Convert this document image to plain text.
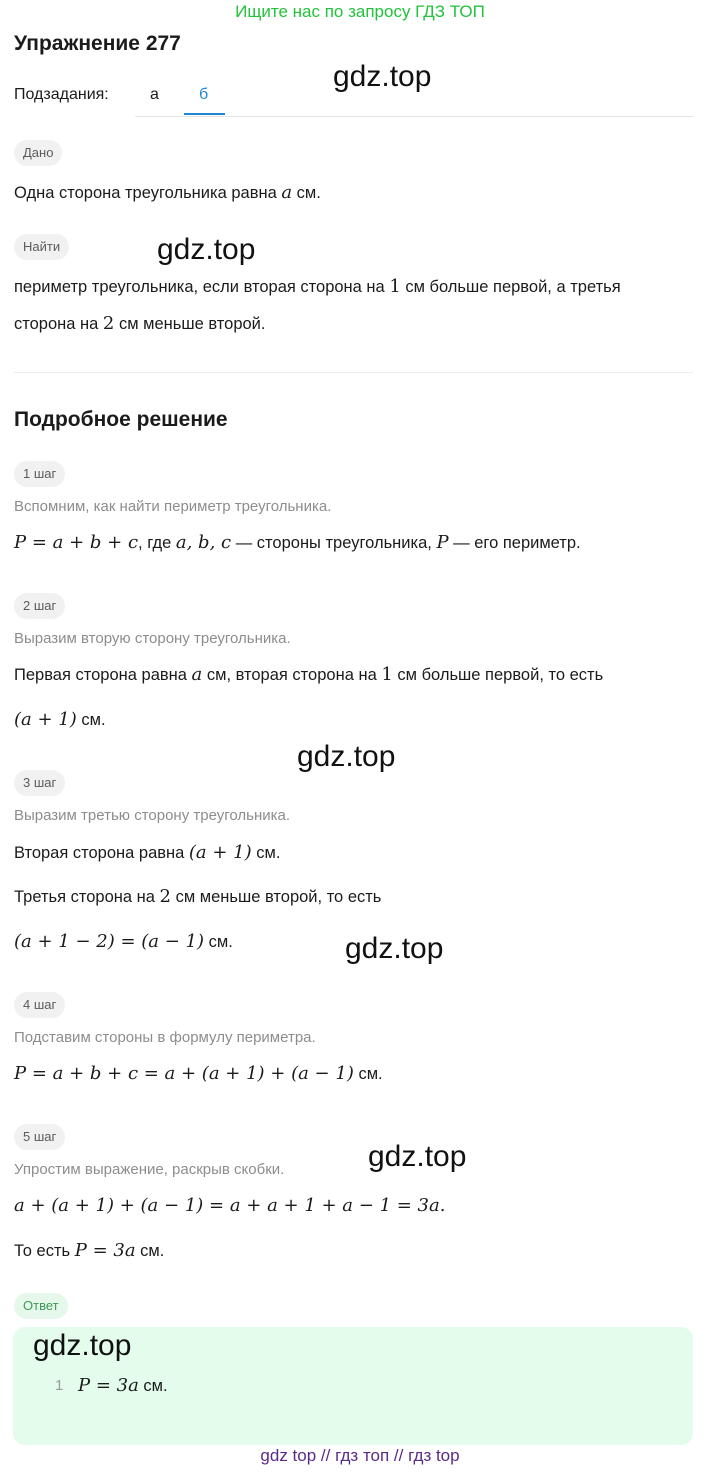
Ищите нас по запросу ГДЗ ТОП
Упражнение 277
Подзадания:	а	б
Дано
Одна сторона треугольника равна a см.
Найти
периметр треугольника, если вторая сторона на 1 см больше первой, а третья
сторона на 2 см меньше второй.
Подробное решение
1 шаг
Вспомним, как найти периметр треугольника.
P = a + b + c, где a, b, c — стороны треугольника, P — его периметр.
2 шаг
Выразим вторую сторону треугольника.
Первая сторона равна a см, вторая сторона на 1 см больше первой, то есть
(a + 1) см.
3 шаг
Выразим третью сторону треугольника.
Вторая сторона равна (a + 1) см.
Третья сторона на 2 см меньше второй, то есть
(a + 1 − 2) = (a − 1) см.
4 шаг
Подставим стороны в формулу периметра.
P = a + b + c = a + (a + 1) + (a − 1) см.
5 шаг
Упростим выражение, раскрыв скобки.
a + (a + 1) + (a − 1) = a + a + 1 + a − 1 = 3a.
То есть P = 3a см.
Ответ
1 P = 3a см.
gdz.top
gdz.top
gdz.top
gdz.top
gdz.top
gdz.top
gdz top // гдз топ // гдз top
